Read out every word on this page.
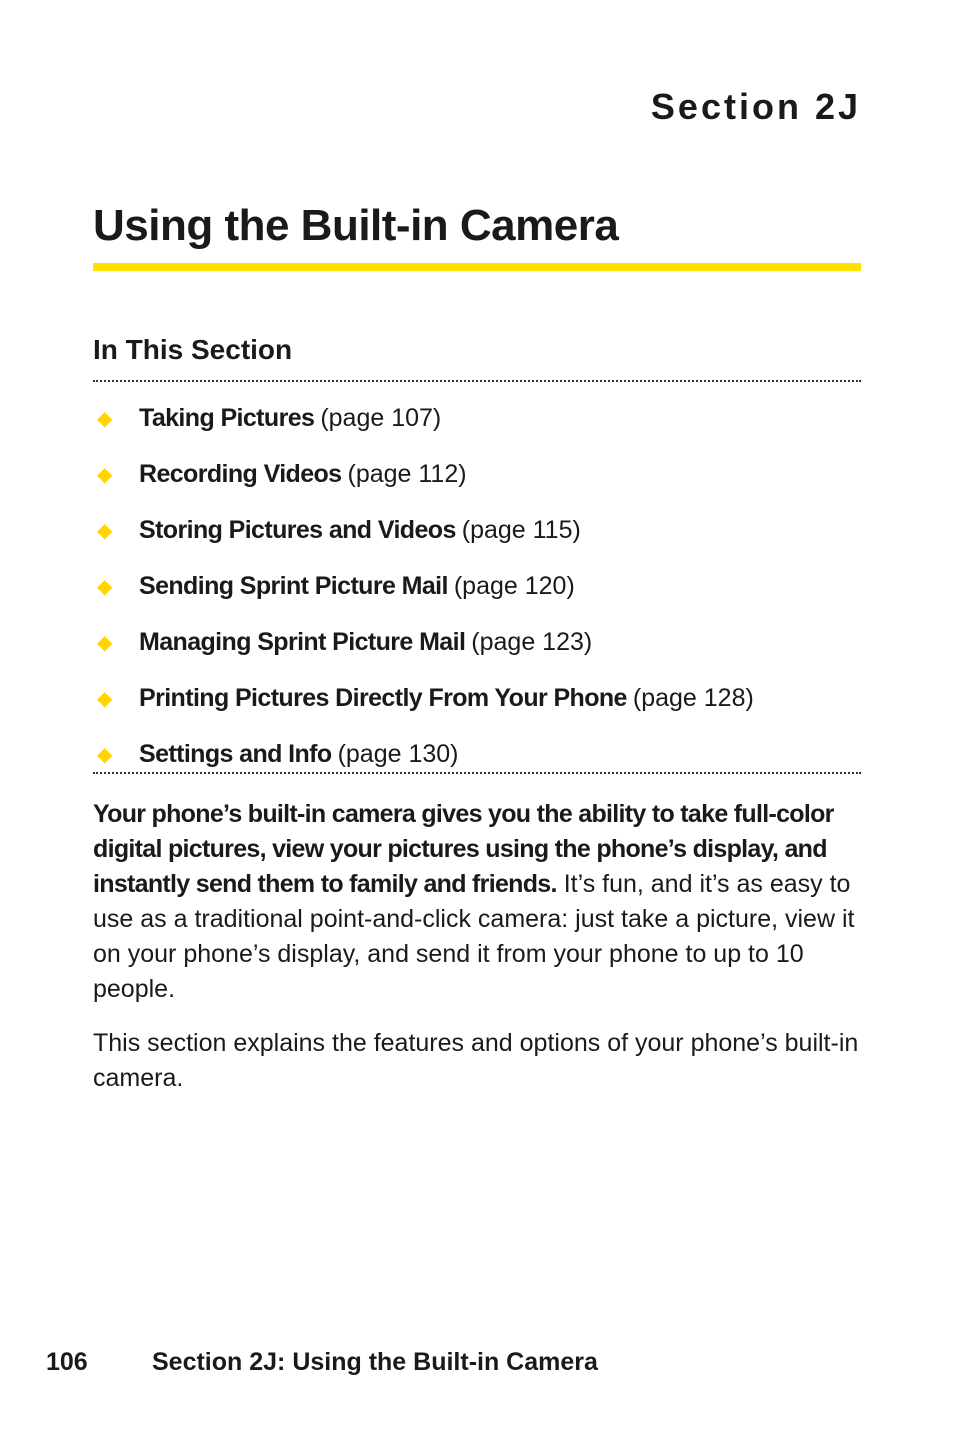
Section 2J
Using the Built-in Camera
In This Section
◆	Taking Pictures (page 107)
◆	Recording Videos (page 112)
◆	Storing Pictures and Videos (page 115)
◆	Sending Sprint Picture Mail (page 120)
◆	Managing Sprint Picture Mail (page 123)
◆	Printing Pictures Directly From Your Phone (page 128)
◆	Settings and Info (page 130)

Your phone’s built-in camera gives you the ability to take full-color digital pictures, view your pictures using the phone’s display, and instantly send them to family and friends. It’s fun, and it’s as easy to use as a traditional point-and-click camera: just take a picture, view it on your phone’s display, and send it from your phone to up to 10 people.

This section explains the features and options of your phone’s built-in camera.

106	Section 2J: Using the Built-in Camera
